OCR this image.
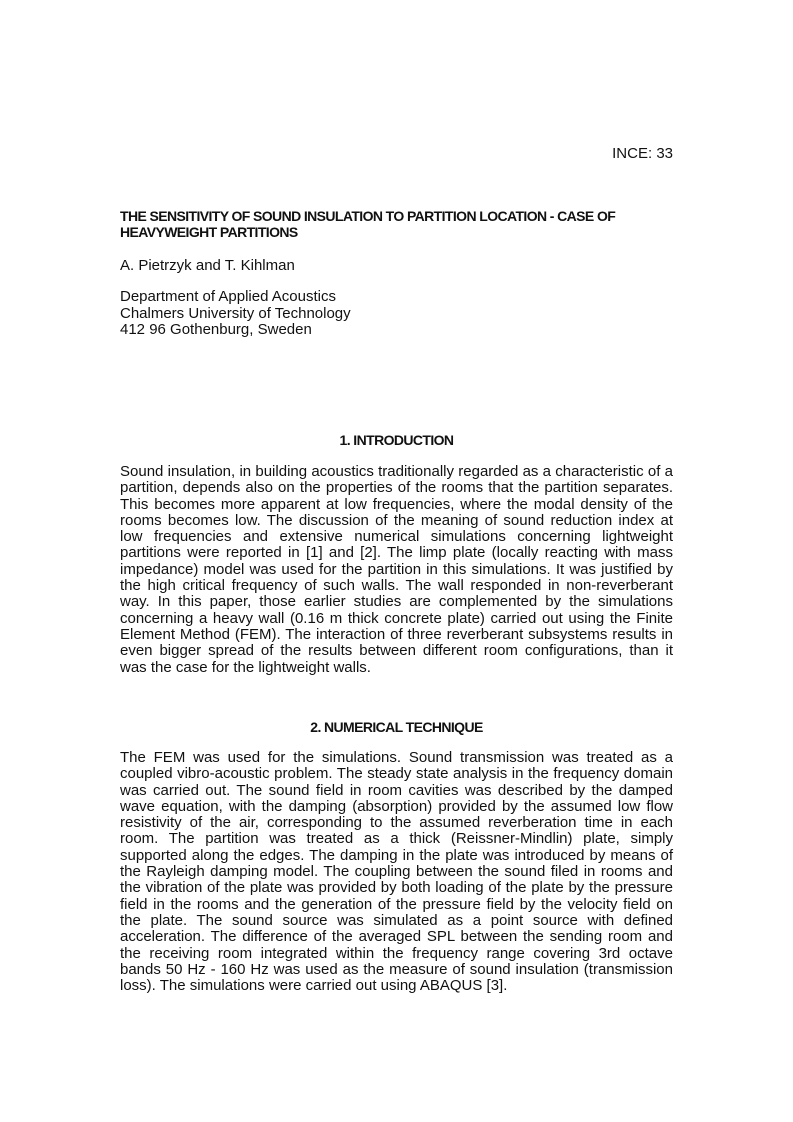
INCE: 33
THE SENSITIVITY OF SOUND INSULATION TO PARTITION LOCATION - CASE OF HEAVYWEIGHT PARTITIONS

A. Pietrzyk and T. Kihlman

Department of Applied Acoustics
Chalmers University of Technology
412 96 Gothenburg, Sweden
1. INTRODUCTION

Sound insulation, in building acoustics traditionally regarded as a characteristic of a partition, depends also on the properties of the rooms that the partition separates. This becomes more apparent at low frequencies, where the modal density of the rooms becomes low. The discussion of the meaning of sound reduction index at low frequencies and extensive numerical simulations concerning lightweight partitions were reported in [1] and [2]. The limp plate (locally reacting with mass impedance) model was used for the partition in this simulations. It was justified by the high critical frequency of such walls. The wall responded in non-reverberant way. In this paper, those earlier studies are complemented by the simulations concerning a heavy wall (0.16 m thick concrete plate) carried out using the Finite Element Method (FEM). The interaction of three reverberant subsystems results in even bigger spread of the results between different room configurations, than it was the case for the lightweight walls.

2. NUMERICAL TECHNIQUE

The FEM was used for the simulations. Sound transmission was treated as a coupled vibro-acoustic problem. The steady state analysis in the frequency domain was carried out. The sound field in room cavities was described by the damped wave equation, with the damping (absorption) provided by the assumed low flow resistivity of the air, corresponding to the assumed reverberation time in each room. The partition was treated as a thick (Reissner-Mindlin) plate, simply supported along the edges. The damping in the plate was introduced by means of the Rayleigh damping model. The coupling between the sound filed in rooms and the vibration of the plate was provided by both loading of the plate by the pressure field in the rooms and the generation of the pressure field by the velocity field on the plate. The sound source was simulated as a point source with defined acceleration. The difference of the averaged SPL between the sending room and the receiving room integrated within the frequency range covering 3rd octave bands 50 Hz - 160 Hz was used as the measure of sound insulation (transmission loss). The simulations were carried out using ABAQUS [3].
